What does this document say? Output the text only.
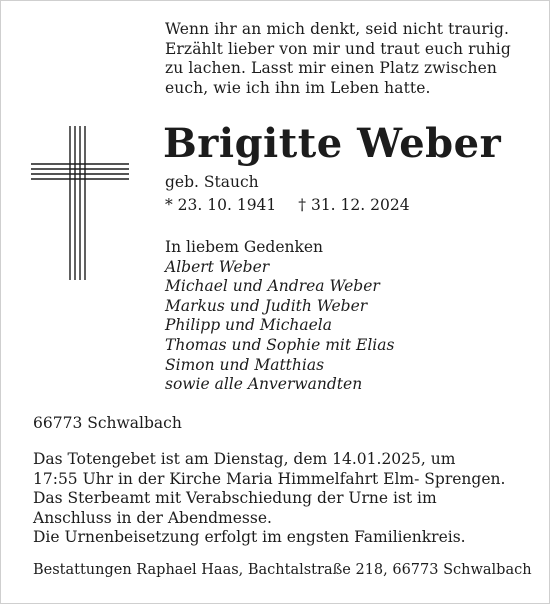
Wenn ihr an mich denkt, seid nicht traurig.
Erzählt lieber von mir und traut euch ruhig
zu lachen. Lasst mir einen Platz zwischen
euch, wie ich ihn im Leben hatte.
Brigitte Weber
geb. Stauch
* 23. 10. 1941 † 31. 12. 2024
In liebem Gedenken
Albert Weber
Michael und Andrea Weber
Markus und Judith Weber
Philipp und Michaela
Thomas und Sophie mit Elias
Simon und Matthias
sowie alle Anverwandten
66773 Schwalbach
Das Totengebet ist am Dienstag, dem 14.01.2025, um
17:55 Uhr in der Kirche Maria Himmelfahrt Elm- Sprengen.
Das Sterbeamt mit Verabschiedung der Urne ist im
Anschluss in der Abendmesse.
Die Urnenbeisetzung erfolgt im engsten Familienkreis.
Bestattungen Raphael Haas, Bachtalstraße 218, 66773 Schwalbach
